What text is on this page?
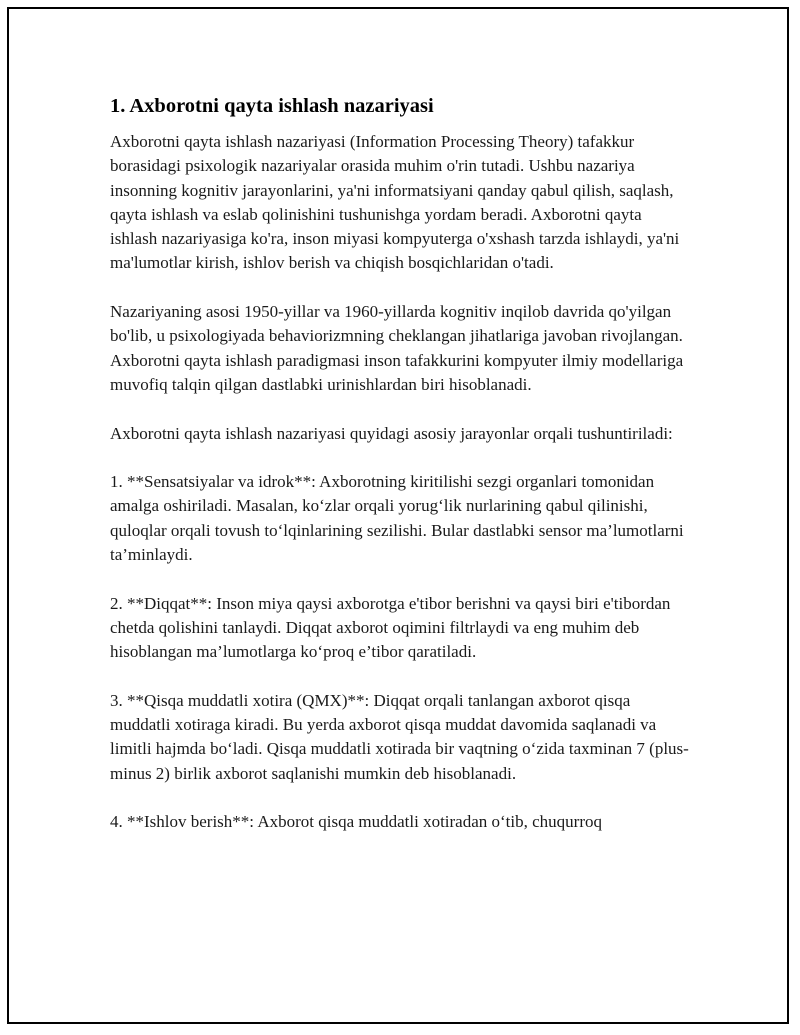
1. Axborotni qayta ishlash nazariyasi

Axborotni qayta ishlash nazariyasi (Information Processing Theory) tafakkur borasidagi psixologik nazariyalar orasida muhim o'rin tutadi. Ushbu nazariya insonning kognitiv jarayonlarini, ya'ni informatsiyani qanday qabul qilish, saqlash, qayta ishlash va eslab qolinishini tushunishga yordam beradi. Axborotni qayta ishlash nazariyasiga ko'ra, inson miyasi kompyuterga o'xshash tarzda ishlaydi, ya'ni ma'lumotlar kirish, ishlov berish va chiqish bosqichlaridan o'tadi.

Nazariyaning asosi 1950-yillar va 1960-yillarda kognitiv inqilob davrida qo'yilgan bo'lib, u psixologiyada behaviorizmning cheklangan jihatlariga javoban rivojlangan. Axborotni qayta ishlash paradigmasi inson tafakkurini kompyuter ilmiy modellariga muvofiq talqin qilgan dastlabki urinishlardan biri hisoblanadi.

Axborotni qayta ishlash nazariyasi quyidagi asosiy jarayonlar orqali tushuntiriladi:

1. **Sensatsiyalar va idrok**: Axborotning kiritilishi sezgi organlari tomonidan amalga oshiriladi. Masalan, ko‘zlar orqali yorug‘lik nurlarining qabul qilinishi, quloqlar orqali tovush to‘lqinlarining sezilishi. Bular dastlabki sensor ma’lumotlarni ta’minlaydi.

2. **Diqqat**: Inson miya qaysi axborotga e'tibor berishni va qaysi biri e'tibordan chetda qolishini tanlaydi. Diqqat axborot oqimini filtrlaydi va eng muhim deb hisoblangan ma’lumotlarga ko‘proq e’tibor qaratiladi.

3. **Qisqa muddatli xotira (QMX)**: Diqqat orqali tanlangan axborot qisqa muddatli xotiraga kiradi. Bu yerda axborot qisqa muddat davomida saqlanadi va limitli hajmda bo‘ladi. Qisqa muddatli xotirada bir vaqtning o‘zida taxminan 7 (plus-minus 2) birlik axborot saqlanishi mumkin deb hisoblanadi.

4. **Ishlov berish**: Axborot qisqa muddatli xotiradan o‘tib, chuqurroq
